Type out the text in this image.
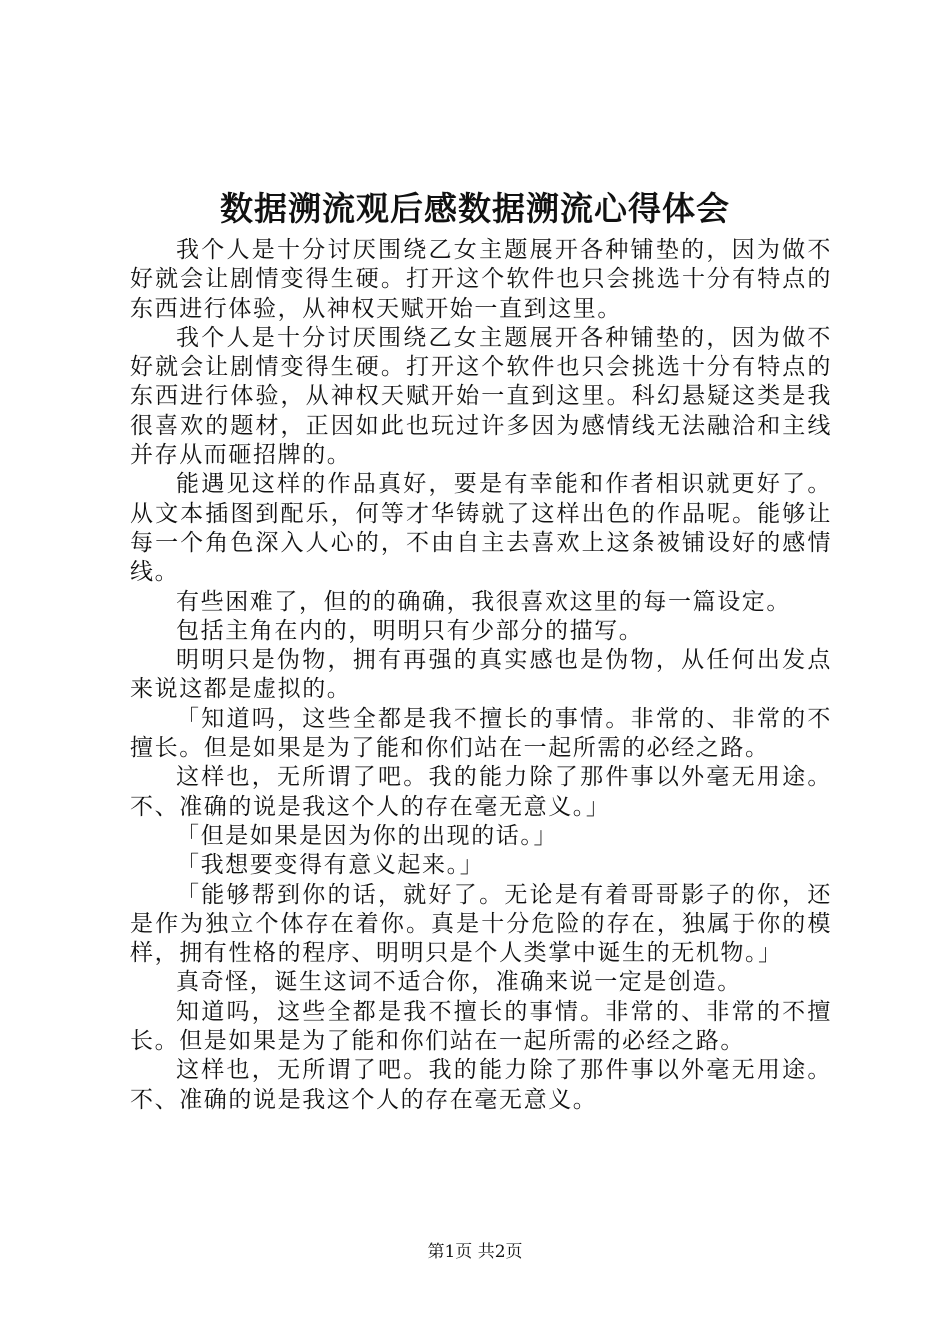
数据溯流观后感数据溯流心得体会

我个人是十分讨厌围绕乙女主题展开各种铺垫的，因为做不好就会让剧情变得生硬。打开这个软件也只会挑选十分有特点的东西进行体验，从神权天赋开始一直到这里。

我个人是十分讨厌围绕乙女主题展开各种铺垫的，因为做不好就会让剧情变得生硬。打开这个软件也只会挑选十分有特点的东西进行体验，从神权天赋开始一直到这里。科幻悬疑这类是我很喜欢的题材，正因如此也玩过许多因为感情线无法融洽和主线并存从而砸招牌的。

能遇见这样的作品真好，要是有幸能和作者相识就更好了。从文本插图到配乐，何等才华铸就了这样出色的作品呢。能够让每一个角色深入人心的，不由自主去喜欢上这条被铺设好的感情线。

有些困难了，但的的确确，我很喜欢这里的每一篇设定。

包括主角在内的，明明只有少部分的描写。

明明只是伪物，拥有再强的真实感也是伪物，从任何出发点来说这都是虚拟的。

「知道吗，这些全都是我不擅长的事情。非常的、非常的不擅长。但是如果是为了能和你们站在一起所需的必经之路。

这样也，无所谓了吧。我的能力除了那件事以外毫无用途。不、准确的说是我这个人的存在毫无意义。」

「但是如果是因为你的出现的话。」

「我想要变得有意义起来。」

「能够帮到你的话，就好了。无论是有着哥哥影子的你，还是作为独立个体存在着你。真是十分危险的存在，独属于你的模样，拥有性格的程序、明明只是个人类掌中诞生的无机物。」

真奇怪，诞生这词不适合你，准确来说一定是创造。

知道吗，这些全都是我不擅长的事情。非常的、非常的不擅长。但是如果是为了能和你们站在一起所需的必经之路。

这样也，无所谓了吧。我的能力除了那件事以外毫无用途。不、准确的说是我这个人的存在毫无意义。

第1页 共2页
